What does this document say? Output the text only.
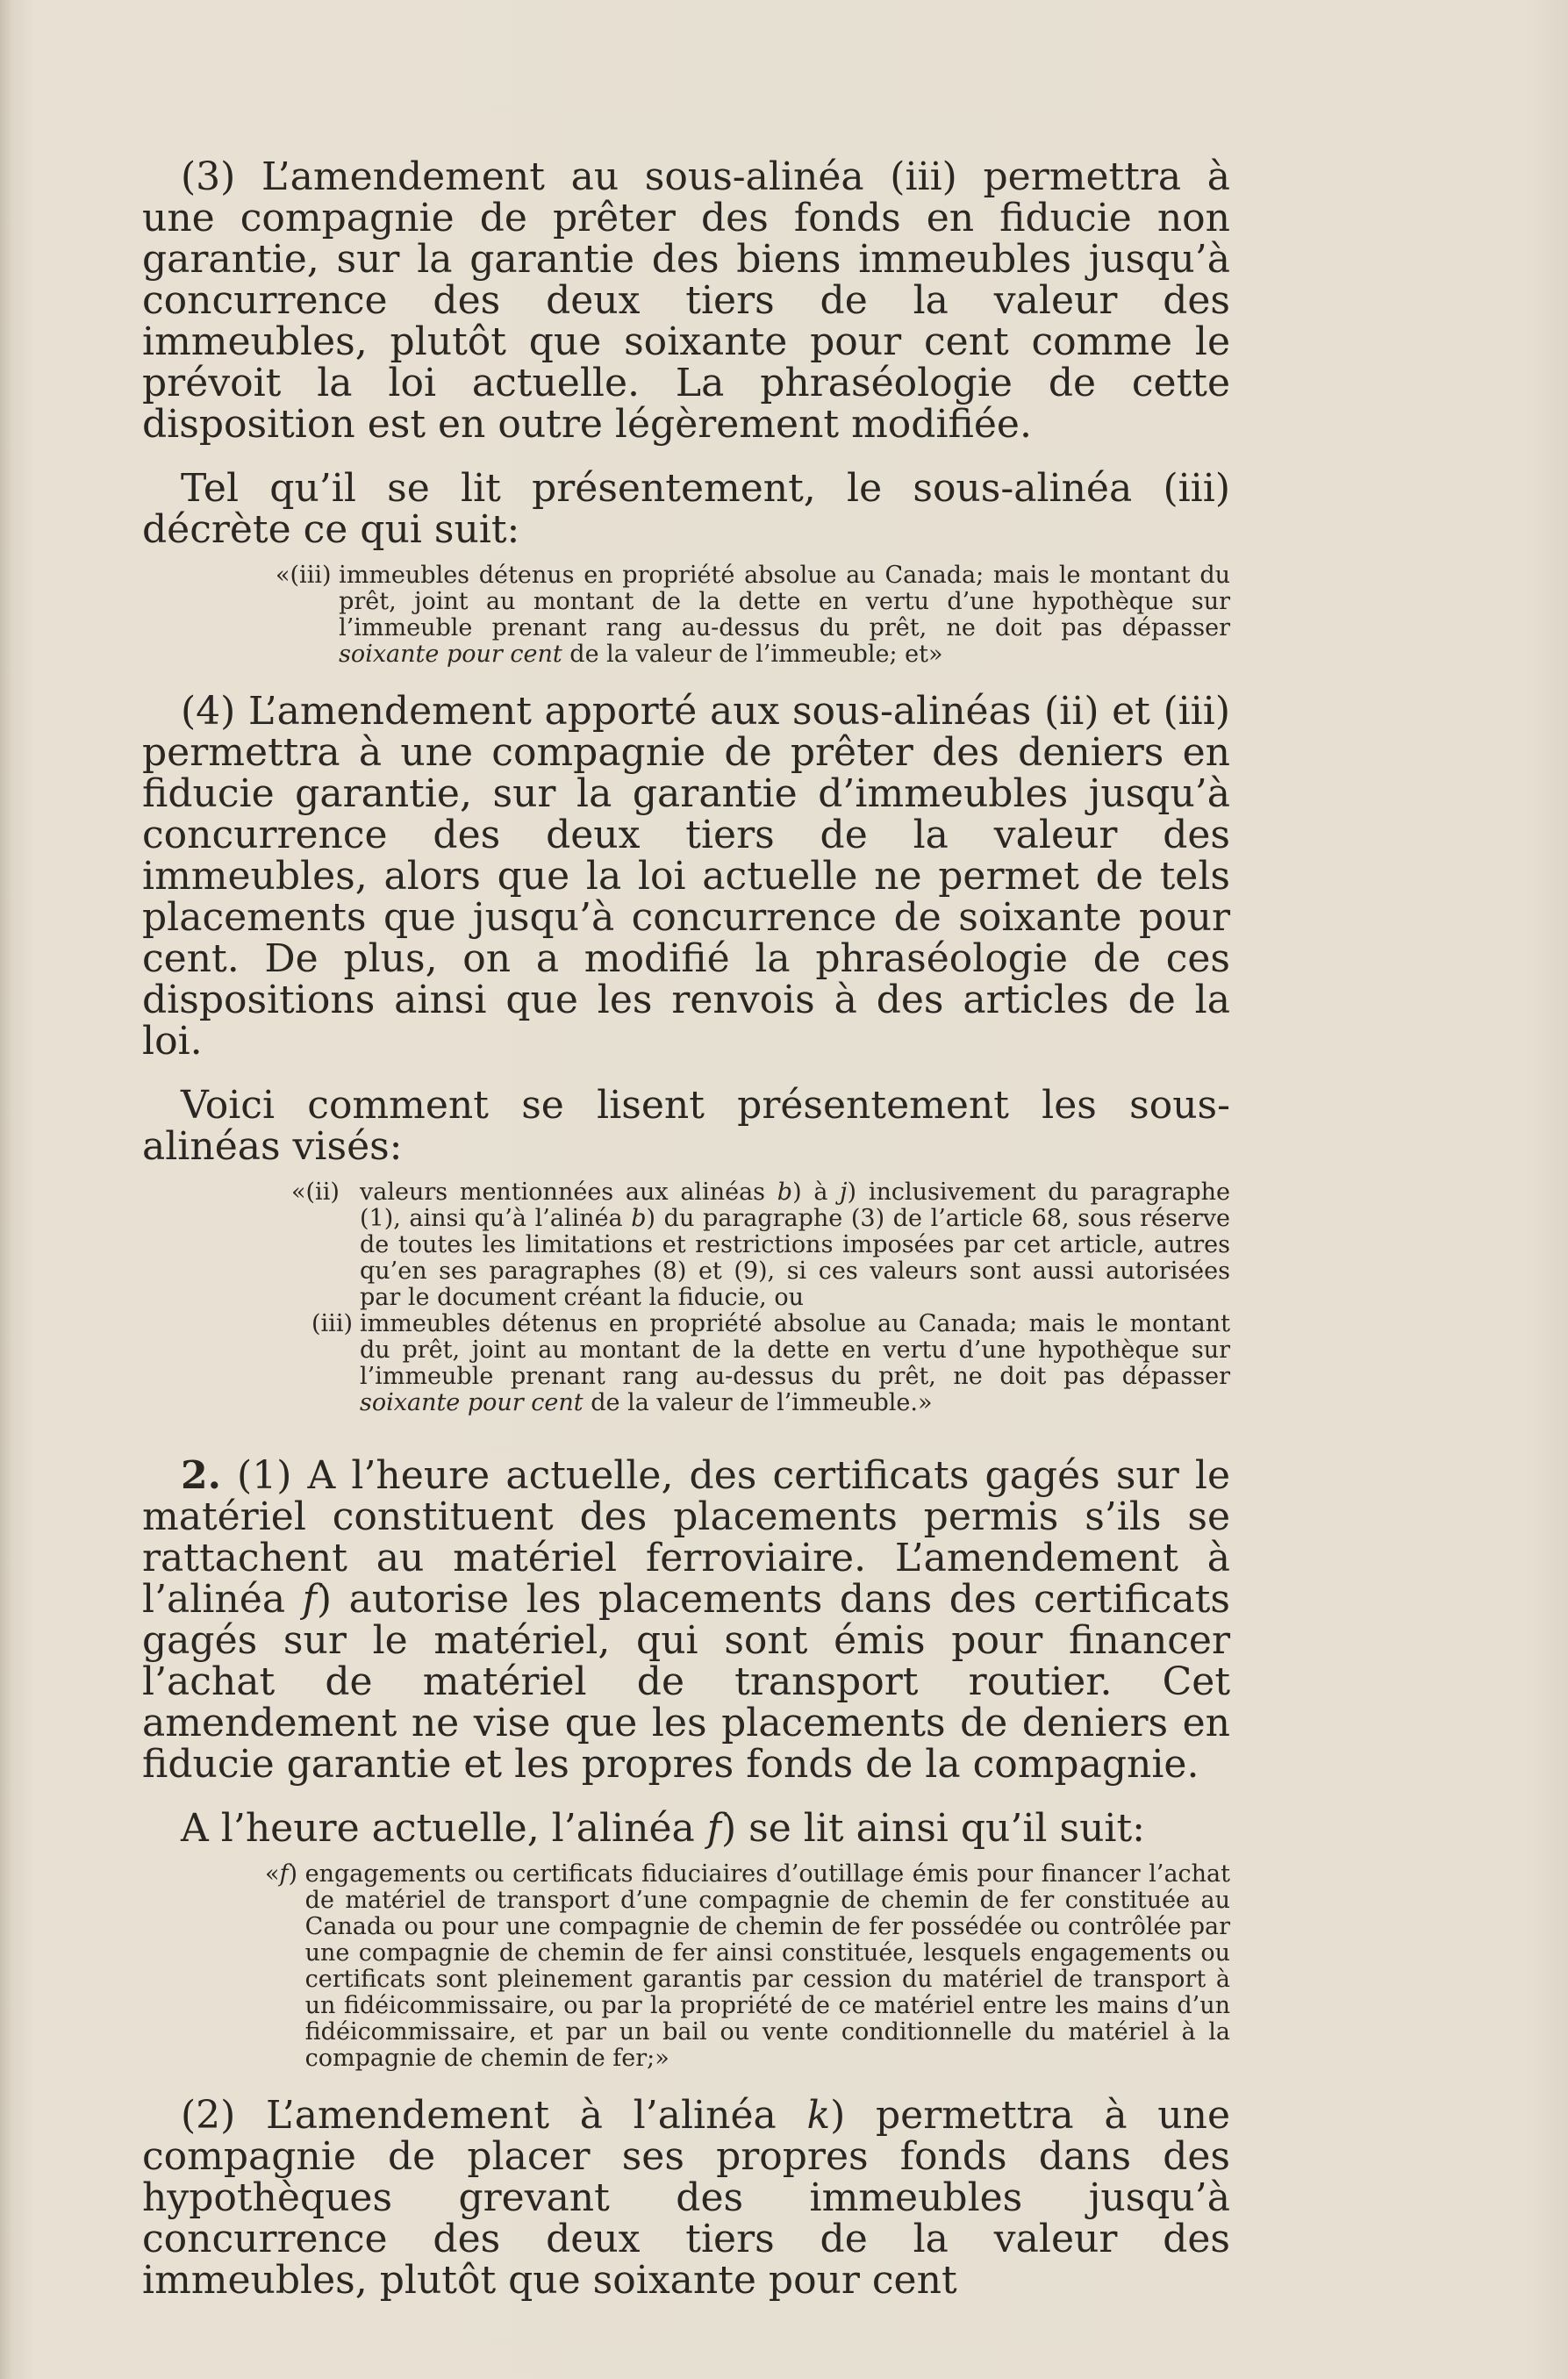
(3) L’amendement au sous-alinéa (iii) permettra à une compagnie de prêter des fonds en fiducie non garantie, sur la garantie des biens immeubles jusqu’à concurrence des deux tiers de la valeur des immeubles, plutôt que soixante pour cent comme le prévoit la loi actuelle. La phraséologie de cette disposition est en outre légèrement modifiée.

Tel qu’il se lit présentement, le sous-alinéa (iii) décrète ce qui suit:

«(iii) immeubles détenus en propriété absolue au Canada; mais le montant du prêt, joint au montant de la dette en vertu d’une hypothèque sur l’immeuble prenant rang au-dessus du prêt, ne doit pas dépasser soixante pour cent de la valeur de l’immeuble; et»

(4) L’amendement apporté aux sous-alinéas (ii) et (iii) permettra à une compagnie de prêter des deniers en fiducie garantie, sur la garantie d’immeubles jusqu’à concurrence des deux tiers de la valeur des immeubles, alors que la loi actuelle ne permet de tels placements que jusqu’à concurrence de soixante pour cent. De plus, on a modifié la phraséologie de ces dispositions ainsi que les renvois à des articles de la loi.

Voici comment se lisent présentement les sous-alinéas visés:

«(ii) valeurs mentionnées aux alinéas b) à j) inclusivement du paragraphe (1), ainsi qu’à l’alinéa b) du paragraphe (3) de l’article 68, sous réserve de toutes les limitations et restrictions imposées par cet article, autres qu’en ses paragraphes (8) et (9), si ces valeurs sont aussi autorisées par le document créant la fiducie, ou
(iii) immeubles détenus en propriété absolue au Canada; mais le montant du prêt, joint au montant de la dette en vertu d’une hypothèque sur l’immeuble prenant rang au-dessus du prêt, ne doit pas dépasser soixante pour cent de la valeur de l’immeuble.»

2. (1) A l’heure actuelle, des certificats gagés sur le matériel constituent des placements permis s’ils se rattachent au matériel ferroviaire. L’amendement à l’alinéa f) autorise les placements dans des certificats gagés sur le matériel, qui sont émis pour financer l’achat de matériel de transport routier. Cet amendement ne vise que les placements de deniers en fiducie garantie et les propres fonds de la compagnie.

A l’heure actuelle, l’alinéa f) se lit ainsi qu’il suit:

«f) engagements ou certificats fiduciaires d’outillage émis pour financer l’achat de matériel de transport d’une compagnie de chemin de fer constituée au Canada ou pour une compagnie de chemin de fer possédée ou contrôlée par une compagnie de chemin de fer ainsi constituée, lesquels engagements ou certificats sont pleinement garantis par cession du matériel de transport à un fidéicommissaire, ou par la propriété de ce matériel entre les mains d’un fidéicommissaire, et par un bail ou vente conditionnelle du matériel à la compagnie de chemin de fer;»

(2) L’amendement à l’alinéa k) permettra à une compagnie de placer ses propres fonds dans des hypothèques grevant des immeubles jusqu’à concurrence des deux tiers de la valeur des immeubles, plutôt que soixante pour cent
